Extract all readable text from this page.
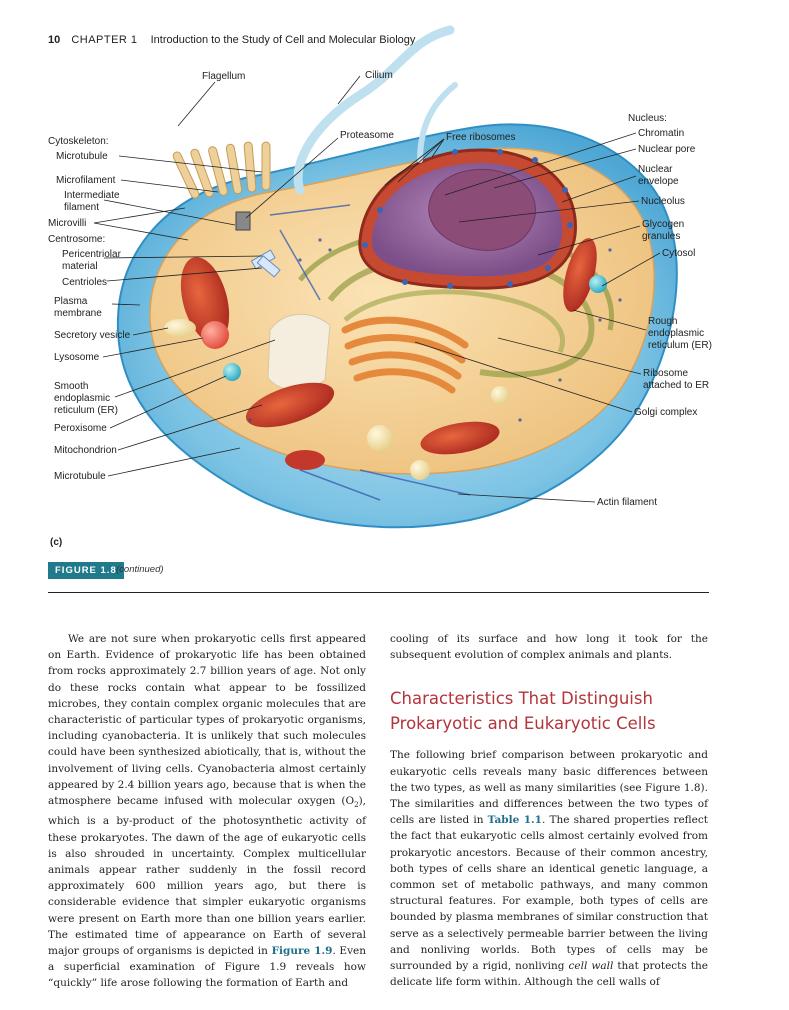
10 CHAPTER 1 Introduction to the Study of Cell and Molecular Biology
Flagellum	Cilium
Proteasome	Free ribosomes
Cytoskeleton:
Microtubule
Microfilament
Intermediate
filament
Microvilli
Centrosome:
Pericentriolar
material
Centrioles
Plasma
membrane
Secretory vesicle
Lysosome
Smooth
endoplasmic
reticulum (ER)
Peroxisome
Mitochondrion
Microtubule
Nucleus:
Chromatin
Nuclear pore
Nuclear
envelope
Nucleolus
Glycogen
granules
Cytosol
Rough
endoplasmic
reticulum (ER)
Ribosome
attached to ER
Golgi complex
Actin filament
(c)
FIGURE 1.8 (continued)

We are not sure when prokaryotic cells first appeared on Earth. Evidence of prokaryotic life has been obtained from rocks approximately 2.7 billion years of age. Not only do these rocks contain what appear to be fossilized microbes, they contain complex organic molecules that are characteristic of particular types of prokaryotic organisms, including cyanobacteria. It is unlikely that such molecules could have been synthesized abiotically, that is, without the involvement of living cells. Cyanobacteria almost certainly appeared by 2.4 billion years ago, because that is when the atmosphere became infused with molecular oxygen $(O_2)$, which is a by-product of the photosynthetic activity of these prokaryotes. The dawn of the age of eukaryotic cells is also shrouded in uncertainty. Complex multicellular animals appear rather suddenly in the fossil record approximately 600 million years ago, but there is considerable evidence that simpler eukaryotic organisms were present on Earth more than one billion years earlier. The estimated time of appearance on Earth of several major groups of organisms is depicted in Figure 1.9. Even a superficial examination of Figure 1.9 reveals how “quickly” life arose following the formation of Earth and

cooling of its surface and how long it took for the subsequent evolution of complex animals and plants.

Characteristics That Distinguish
Prokaryotic and Eukaryotic Cells

The following brief comparison between prokaryotic and eukaryotic cells reveals many basic differences between the two types, as well as many similarities (see Figure 1.8). The similarities and differences between the two types of cells are listed in Table 1.1. The shared properties reflect the fact that eukaryotic cells almost certainly evolved from prokaryotic ancestors. Because of their common ancestry, both types of cells share an identical genetic language, a common set of metabolic pathways, and many common structural features. For example, both types of cells are bounded by plasma membranes of similar construction that serve as a selectively permeable barrier between the living and nonliving worlds. Both types of cells may be surrounded by a rigid, nonliving cell wall that protects the delicate life form within. Although the cell walls of
